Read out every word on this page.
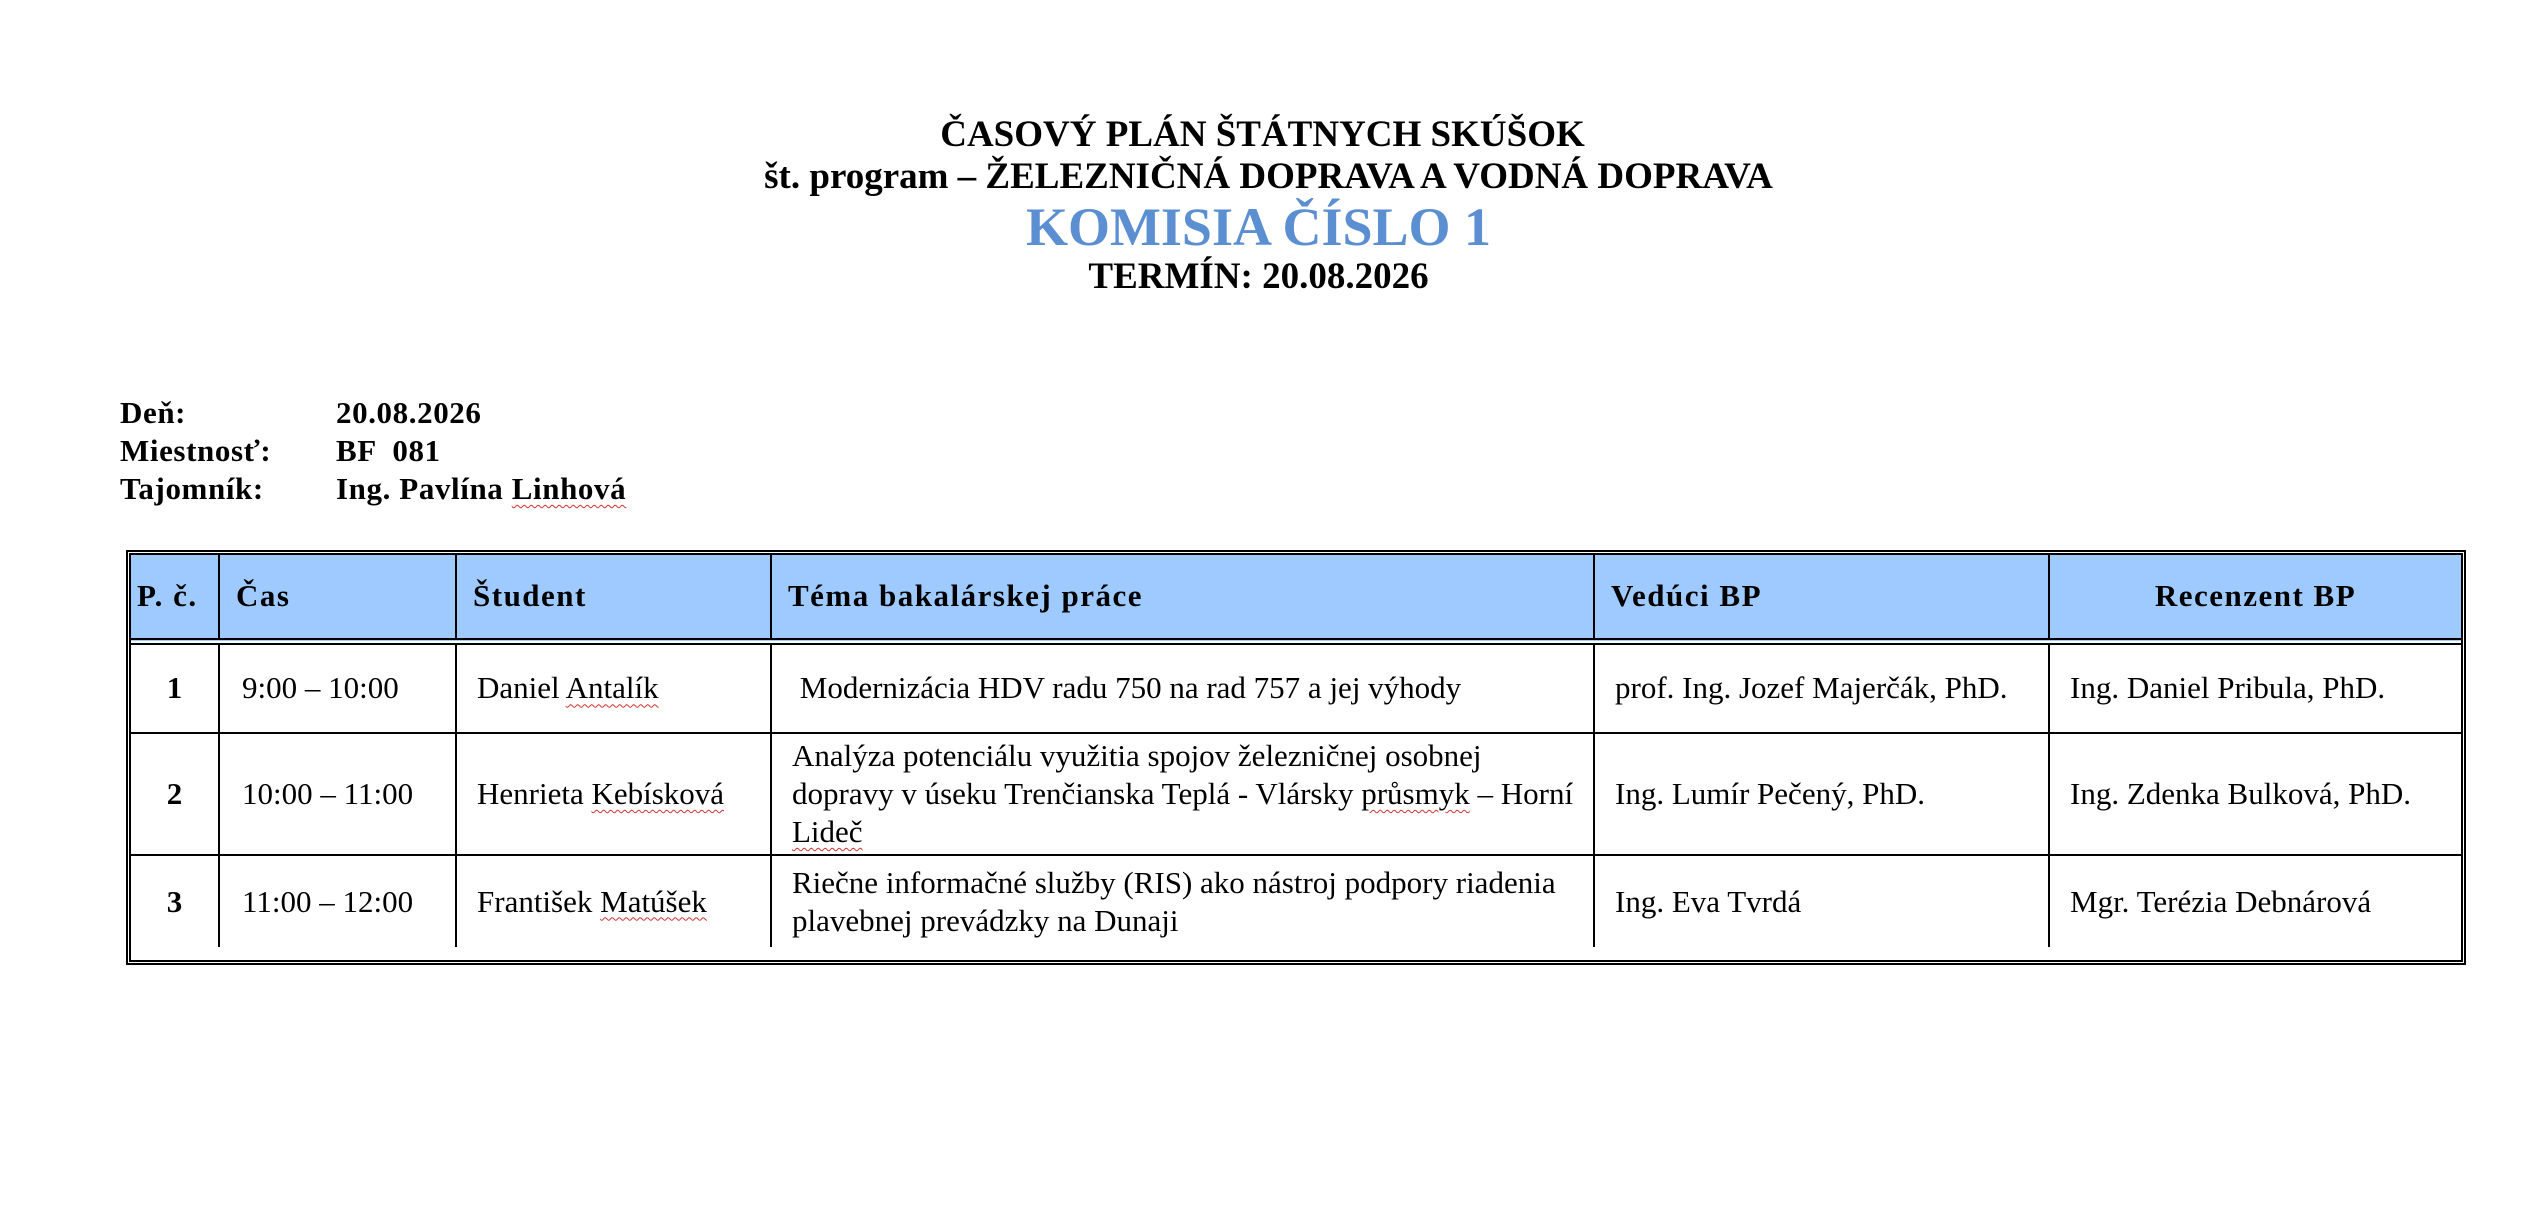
ČASOVÝ PLÁN ŠTÁTNYCH SKÚŠOK
št. program – ŽELEZNIČNÁ DOPRAVA A VODNÁ DOPRAVA
KOMISIA ČÍSLO 1
TERMÍN: 20.08.2026
Deň:	20.08.2026
Miestnosť: BF  081
Tajomník: Ing. Pavlína Linhová
P. č.	Čas	Študent	Téma bakalárskej práce	Vedúci BP	Recenzent BP
1	9:00 – 10:00	Daniel Antalík	Modernizácia HDV radu 750 na rad 757 a jej výhody	prof. Ing. Jozef Majerčák, PhD.	Ing. Daniel Pribula, PhD.
2	10:00 – 11:00	Henrieta Kebísková	Analýza potenciálu využitia spojov železničnej osobnej dopravy v úseku Trenčianska Teplá - Vlársky průsmyk – Horní Lideč	Ing. Lumír Pečený, PhD.	Ing. Zdenka Bulková, PhD.
3	11:00 – 12:00	František Matúšek	Riečne informačné služby (RIS) ako nástroj podpory riadenia plavebnej prevádzky na Dunaji	Ing. Eva Tvrdá	Mgr. Terézia Debnárová
